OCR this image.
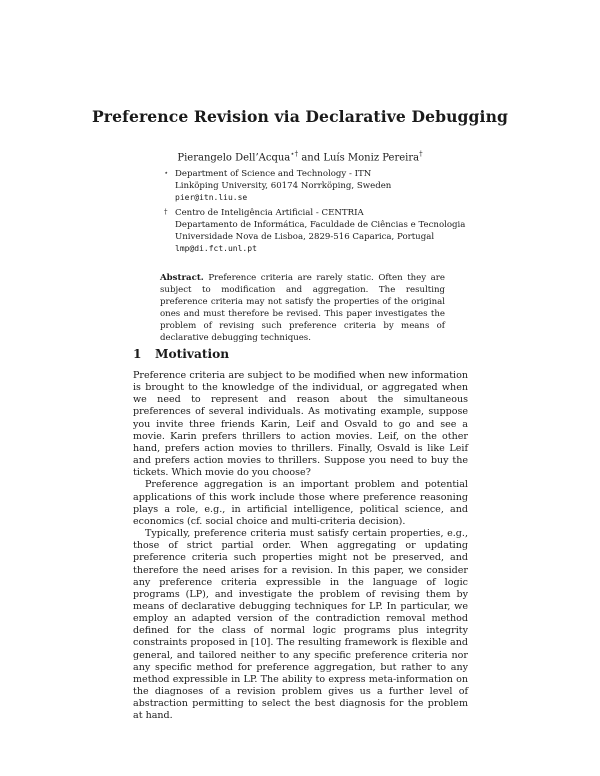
Preference Revision via Declarative Debugging
Pierangelo Dell’Acqua⋆† and Luís Moniz Pereira†
⋆ Department of Science and Technology - ITN
Linköping University, 60174 Norrköping, Sweden
pier@itn.liu.se
† Centro de Inteligência Artificial - CENTRIA
Departamento de Informática, Faculdade de Ciências e Tecnologia
Universidade Nova de Lisboa, 2829-516 Caparica, Portugal
lmp@di.fct.unl.pt
Abstract. Preference criteria are rarely static. Often they are subject to modification and aggregation. The resulting preference criteria may not satisfy the properties of the original ones and must therefore be revised. This paper investigates the problem of revising such preference criteria by means of declarative debugging techniques.
1 Motivation

Preference criteria are subject to be modified when new information is brought to the knowledge of the individual, or aggregated when we need to represent and reason about the simultaneous preferences of several individuals. As motivating example, suppose you invite three friends Karin, Leif and Osvald to go and see a movie. Karin prefers thrillers to action movies. Leif, on the other hand, prefers action movies to thrillers. Finally, Osvald is like Leif and prefers action movies to thrillers. Suppose you need to buy the tickets. Which movie do you choose?

Preference aggregation is an important problem and potential applications of this work include those where preference reasoning plays a role, e.g., in artificial intelligence, political science, and economics (cf. social choice and multi-criteria decision).

Typically, preference criteria must satisfy certain properties, e.g., those of strict partial order. When aggregating or updating preference criteria such properties might not be preserved, and therefore the need arises for a revision. In this paper, we consider any preference criteria expressible in the language of logic programs (LP), and investigate the problem of revising them by means of declarative debugging techniques for LP. In particular, we employ an adapted version of the contradiction removal method defined for the class of normal logic programs plus integrity constraints proposed in [10]. The resulting framework is flexible and general, and tailored neither to any specific preference criteria nor any specific method for preference aggregation, but rather to any method expressible in LP. The ability to express meta-information on the diagnoses of a revision problem gives us a further level of abstraction permitting to select the best diagnosis for the problem at hand.
